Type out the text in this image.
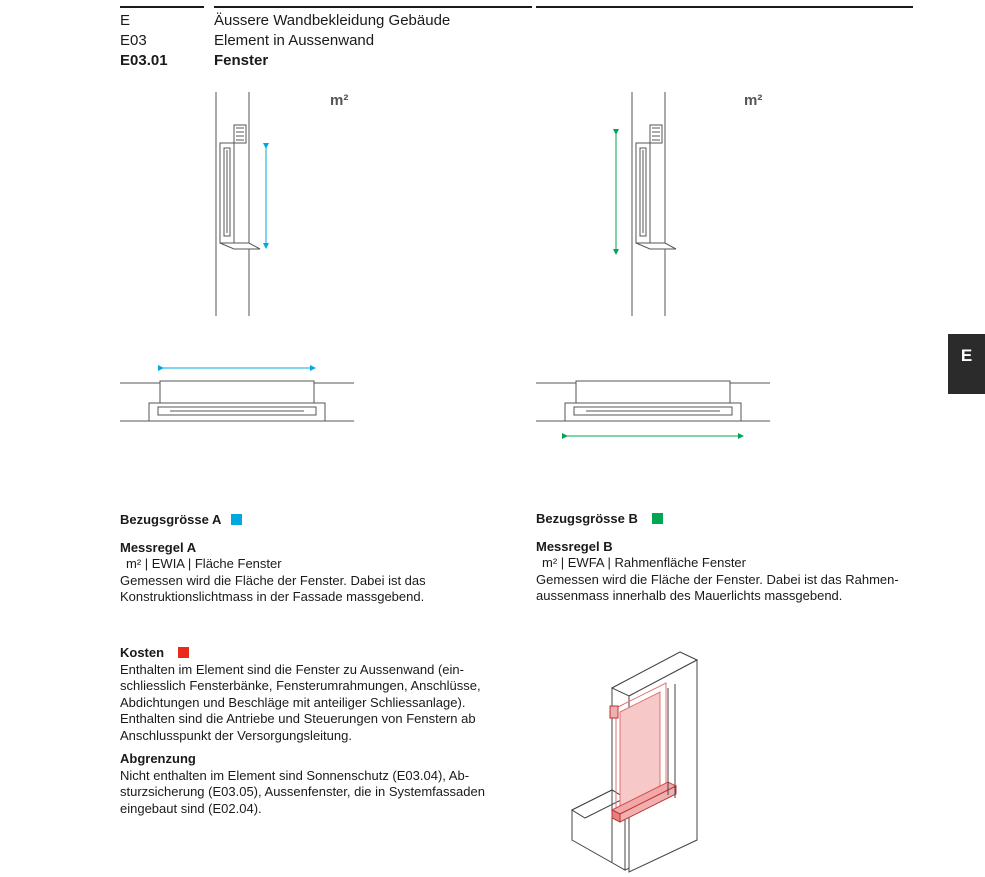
E	Äussere Wandbekleidung Gebäude
E03	Element in Aussenwand
E03.01	Fenster
m²	m²
E
Bezugsgrösse A
Messregel A

m² | EWIA | Fläche Fenster

Gemessen wird die Fläche der Fenster. Dabei ist das

Konstruktionslichtmass in der Fassade massgebend.

Bezugsgrösse B
Messregel B

m² | EWFA | Rahmenfläche Fenster

Gemessen wird die Fläche der Fenster. Dabei ist das Rahmen-

aussenmass innerhalb des Mauerlichts massgebend.

Kosten

Enthalten im Element sind die Fenster zu Aussenwand (ein-

schliesslich Fensterbänke, Fensterumrahmungen, Anschlüsse,

Abdichtungen und Beschläge mit anteiliger Schliessanlage).

Enthalten sind die Antriebe und Steuerungen von Fenstern ab

Anschlusspunkt der Versorgungsleitung.

Abgrenzung

Nicht enthalten im Element sind Sonnenschutz (E03.04), Ab-

sturzsicherung (E03.05), Aussenfenster, die in Systemfassaden

eingebaut sind (E02.04).
